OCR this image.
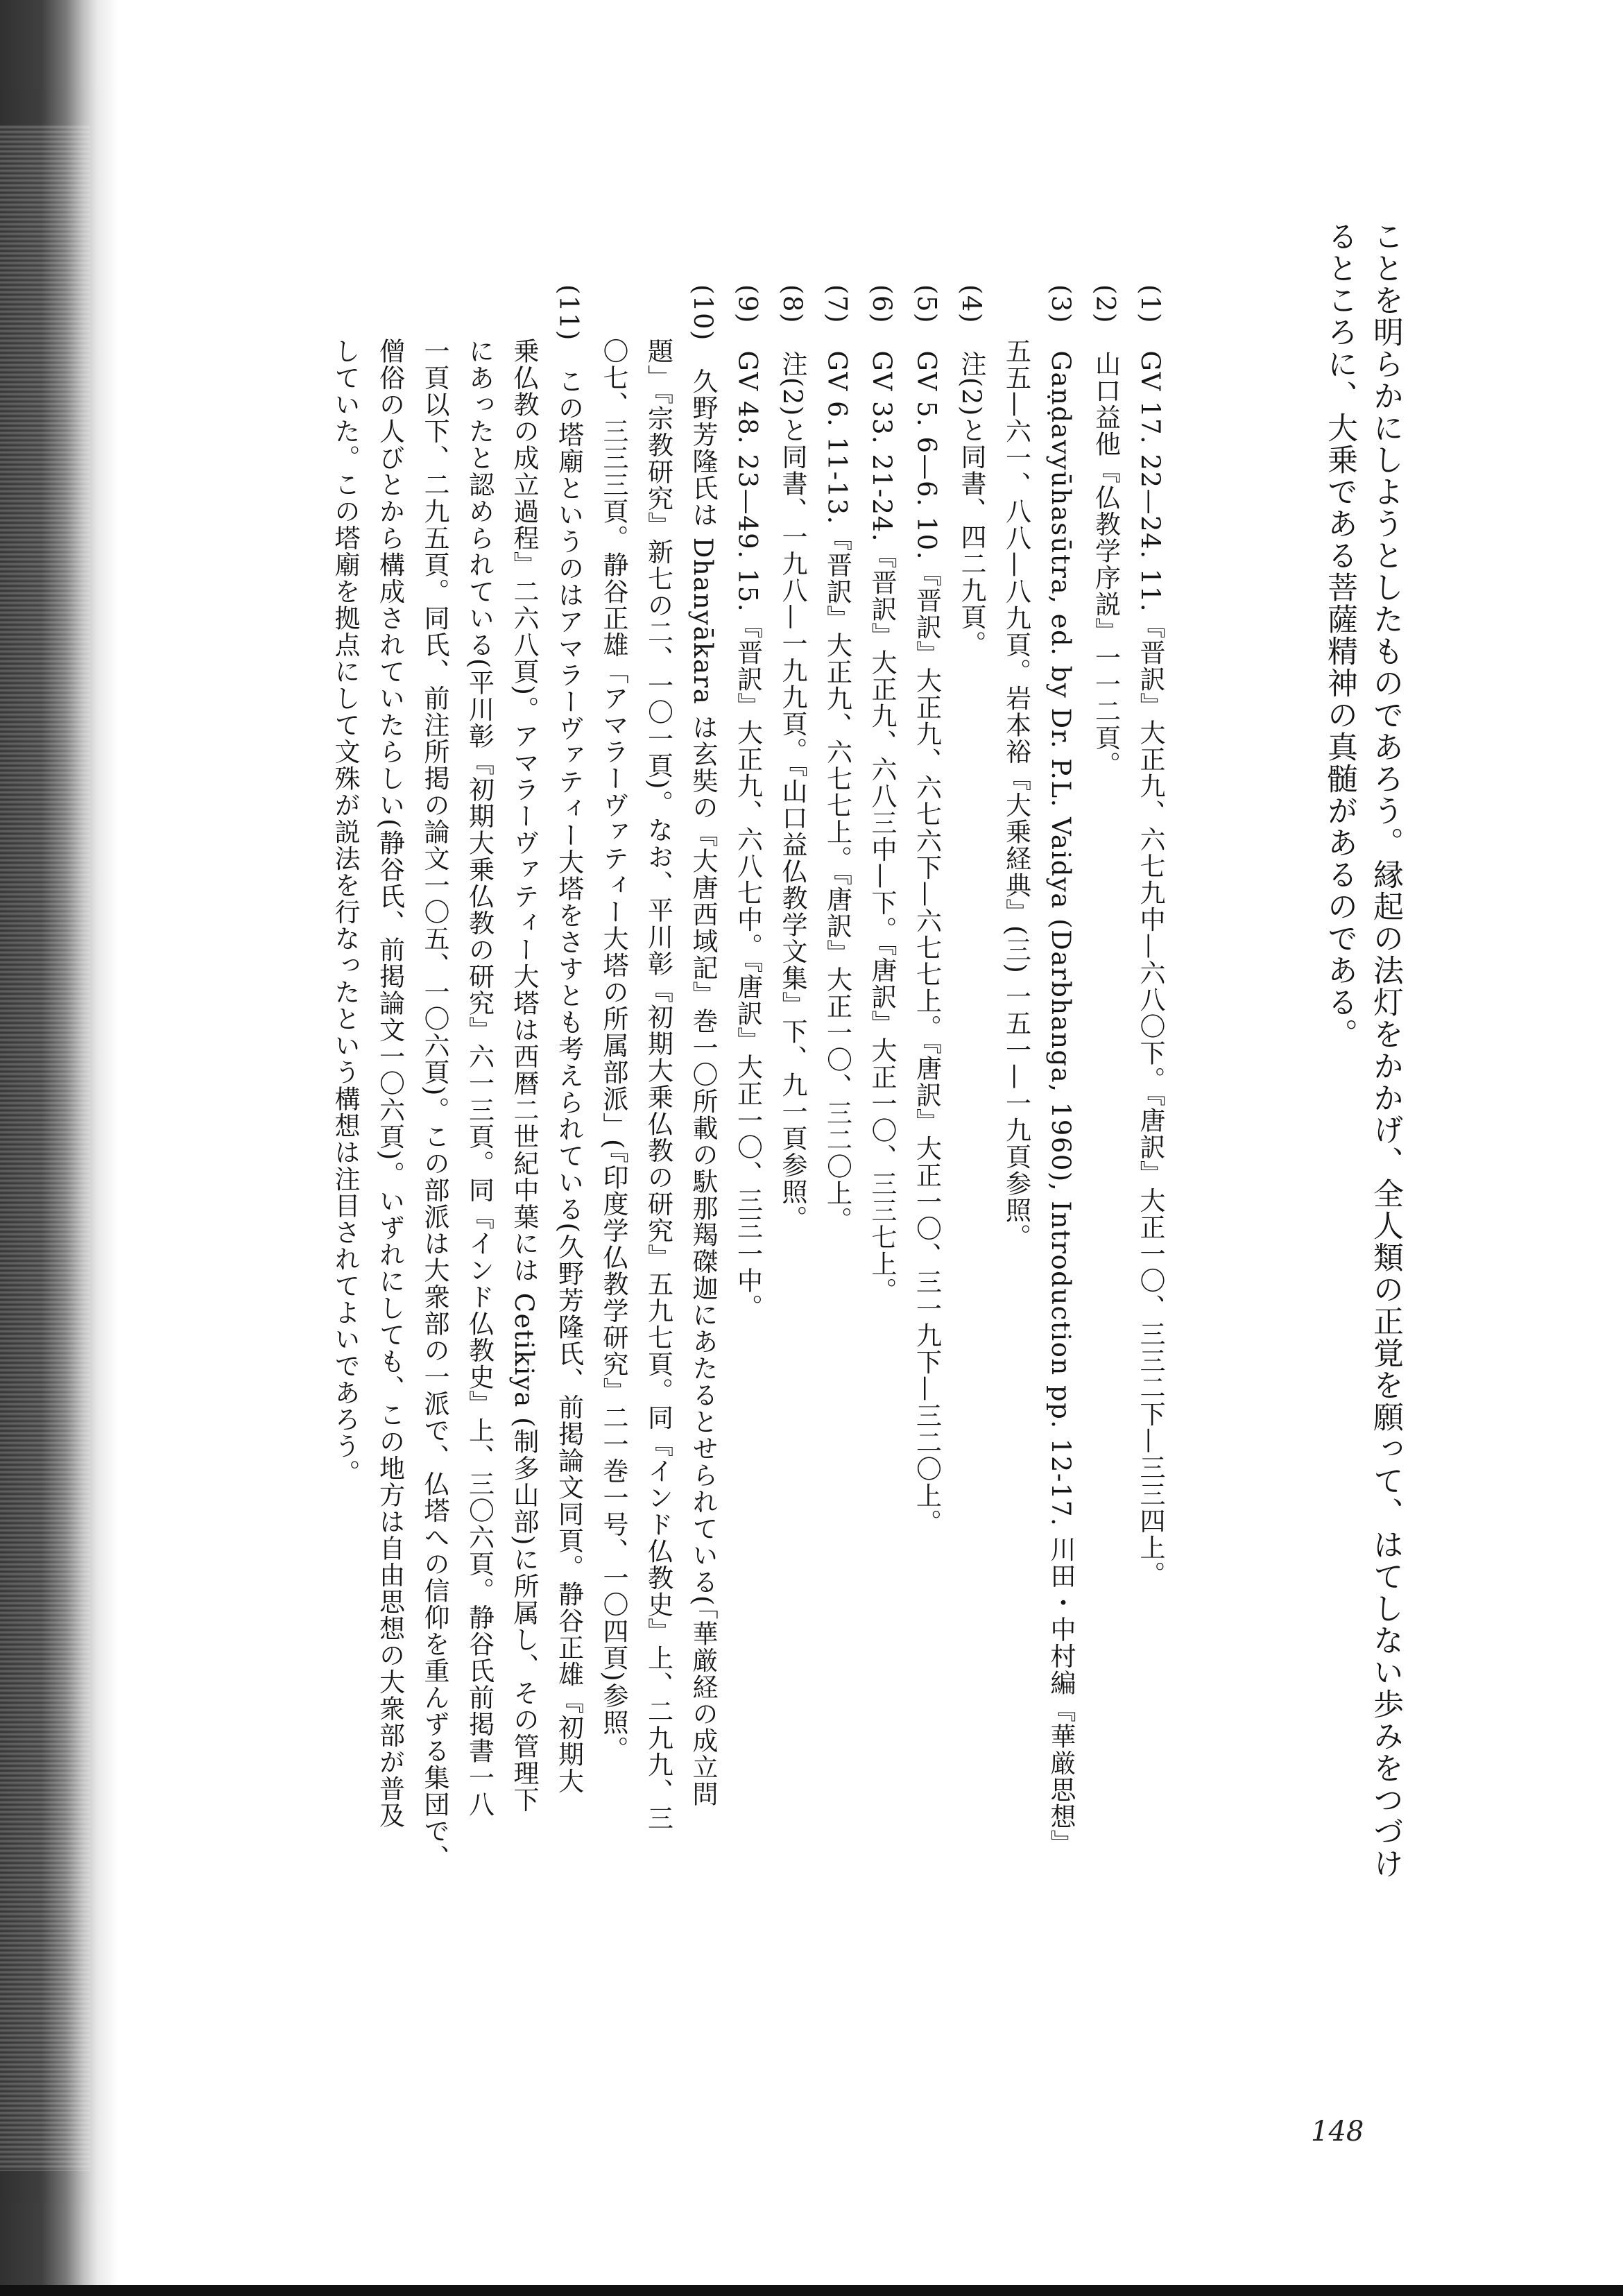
ことを明らかにしようとしたものであろう。縁起の法灯をかかげ、全人類の正覚を願って、はてしない歩みをつづけ
るところに、大乗である菩薩精神の真髄があるのである。
(1)　GV 17. 22—24. 11.『晋訳』大正九、六七九中—六八〇下。『唐訳』大正一〇、三三二下—三三四上。
(2)　山口益他『仏教学序説』一一二頁。
(3)　Gaṇḍavyūhasūtra, ed. by Dr. P.L. Vaidya (Darbhanga, 1960), Introduction pp. 12-17. 川田・中村編『華厳思想』
　　五五—六一、八八—八九頁。岩本裕『大乗経典』(三) 一五一—一九頁参照。
(4)　注(2)と同書、四二九頁。
(5)　GV 5. 6—6. 10.『晋訳』大正九、六七六下—六七七上。『唐訳』大正一〇、三一九下—三二〇上。
(6)　GV 33. 21-24.『晋訳』大正九、六八三中—下。『唐訳』大正一〇、三三七上。
(7)　GV 6. 11-13.『晋訳』大正九、六七七上。『唐訳』大正一〇、三二〇上。
(8)　注(2)と同書、一九八—一九九頁。『山口益仏教学文集』下、九一頁参照。
(9)　GV 48. 23—49. 15.『晋訳』大正九、六八七中。『唐訳』大正一〇、三三一中。
(10)　久野芳隆氏は Dhanyākara は玄奘の『大唐西域記』巻一〇所載の馱那羯磔迦にあたるとせられている(「華厳経の成立問
　　題」『宗教研究』新七の二、一〇一頁)。なお、平川彰『初期大乗仏教の研究』五九七頁。同『インド仏教史』上、二九九、三
　　〇七、三三三頁。静谷正雄「アマラーヴァティー大塔の所属部派」(『印度学仏教学研究』二一巻一号、一〇四頁)参照。
(11)　この塔廟というのはアマラーヴァティー大塔をさすとも考えられている(久野芳隆氏、前掲論文同頁。静谷正雄『初期大
　　乗仏教の成立過程』二六八頁)。アマラーヴァティー大塔は西暦二世紀中葉には Cetikiya (制多山部)に所属し、その管理下
　　にあったと認められている(平川彰『初期大乗仏教の研究』六一三頁。同『インド仏教史』上、三〇六頁。静谷氏前掲書一八
　　一頁以下、二九五頁。同氏、前注所掲の論文一〇五、一〇六頁)。この部派は大衆部の一派で、仏塔への信仰を重んずる集団で、
　　僧俗の人びとから構成されていたらしい(静谷氏、前掲論文一〇六頁)。いずれにしても、この地方は自由思想の大衆部が普及
　　していた。この塔廟を拠点にして文殊が説法を行なったという構想は注目されてよいであろう。
148
